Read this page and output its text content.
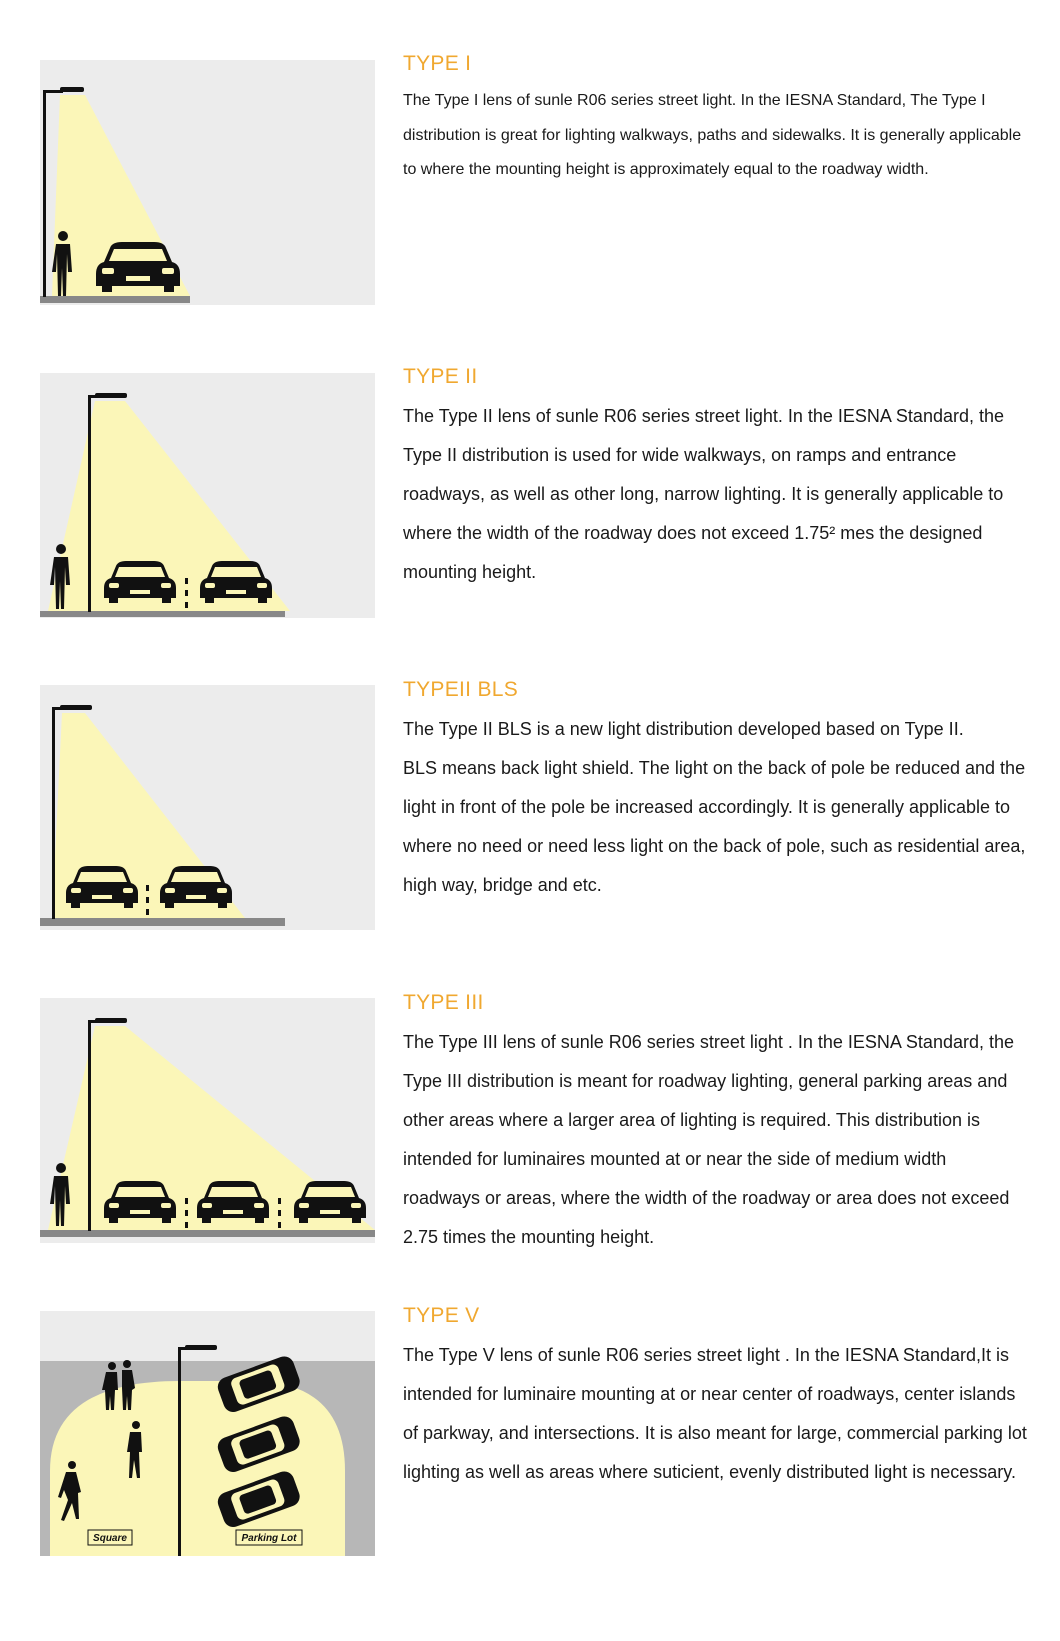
TYPE I

The Type I lens of sunle R06 series street light. In the IESNA Standard, The Type I distribution is great for lighting walkways, paths and sidewalks. It is generally applicable to where the mounting height is approximately equal to the roadway width.

TYPE II

The Type II lens of sunle R06 series street light. In the IESNA Standard, the Type II distribution is used for wide walkways, on ramps and entrance roadways, as well as other long, narrow lighting. It is generally applicable to where the width of the roadway does not exceed 1.75² mes the designed mounting height.

TYPEII BLS

The Type II BLS is a new light distribution developed based on Type II.

BLS means back light shield. The light on the back of pole be reduced and the light in front of the pole be increased accordingly. It is generally applicable to where no need or need less light on the back of pole, such as residential area, high way, bridge and etc.

TYPE III

The Type III lens of sunle R06 series street light . In the IESNA Standard, the Type III distribution is meant for roadway lighting, general parking areas and other areas where a larger area of lighting is required. This distribution is intended for luminaires mounted at or near the side of medium width roadways or areas, where the width of the roadway or area does not exceed 2.75 times the mounting height.

Square	Parking Lot
TYPE V

The Type V lens of sunle R06 series street light . In the IESNA Standard,It is intended for luminaire mounting at or near center of roadways, center islands of parkway, and intersections. It is also meant for large, commercial parking lot lighting as well as areas where suticient, evenly distributed light is necessary.
